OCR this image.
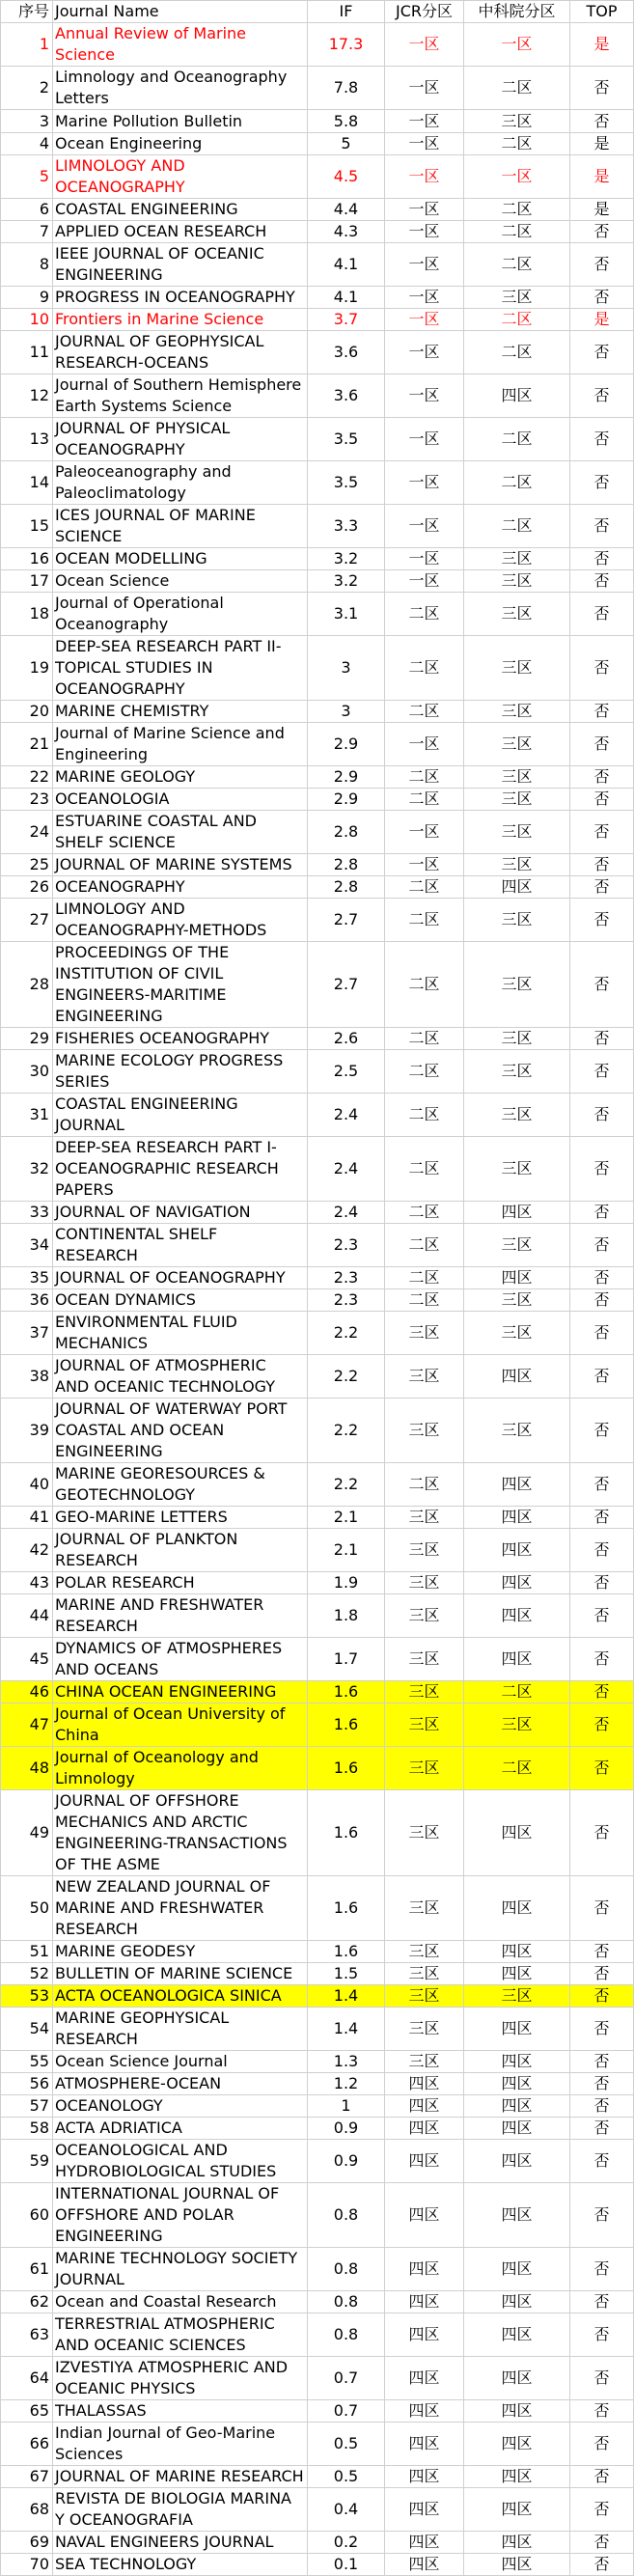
序号	Journal Name	IF	JCR分区	中科院分区	TOP
1	Annual Review of Marine Science	17.3	一区	一区	是
2	Limnology and Oceanography Letters	7.8	一区	二区	否
3	Marine Pollution Bulletin	5.8	一区	三区	否
4	Ocean Engineering	5	一区	二区	是
5	LIMNOLOGY AND OCEANOGRAPHY	4.5	一区	一区	是
6	COASTAL ENGINEERING	4.4	一区	二区	是
7	APPLIED OCEAN RESEARCH	4.3	一区	二区	否
8	IEEE JOURNAL OF OCEANIC ENGINEERING	4.1	一区	二区	否
9	PROGRESS IN OCEANOGRAPHY	4.1	一区	三区	否
10	Frontiers in Marine Science	3.7	一区	二区	是
11	JOURNAL OF GEOPHYSICAL RESEARCH-OCEANS	3.6	一区	二区	否
12	Journal of Southern Hemisphere Earth Systems Science	3.6	一区	四区	否
13	JOURNAL OF PHYSICAL OCEANOGRAPHY	3.5	一区	二区	否
14	Paleoceanography and Paleoclimatology	3.5	一区	二区	否
15	ICES JOURNAL OF MARINE SCIENCE	3.3	一区	二区	否
16	OCEAN MODELLING	3.2	一区	三区	否
17	Ocean Science	3.2	一区	三区	否
18	Journal of Operational Oceanography	3.1	二区	三区	否
19	DEEP-SEA RESEARCH PART II-TOPICAL STUDIES IN OCEANOGRAPHY	3	二区	三区	否
20	MARINE CHEMISTRY	3	二区	三区	否
21	Journal of Marine Science and Engineering	2.9	一区	三区	否
22	MARINE GEOLOGY	2.9	二区	三区	否
23	OCEANOLOGIA	2.9	二区	三区	否
24	ESTUARINE COASTAL AND SHELF SCIENCE	2.8	一区	三区	否
25	JOURNAL OF MARINE SYSTEMS	2.8	一区	三区	否
26	OCEANOGRAPHY	2.8	二区	四区	否
27	LIMNOLOGY AND OCEANOGRAPHY-METHODS	2.7	二区	三区	否
28	PROCEEDINGS OF THE INSTITUTION OF CIVIL ENGINEERS-MARITIME ENGINEERING	2.7	二区	三区	否
29	FISHERIES OCEANOGRAPHY	2.6	二区	三区	否
30	MARINE ECOLOGY PROGRESS SERIES	2.5	二区	三区	否
31	COASTAL ENGINEERING JOURNAL	2.4	二区	三区	否
32	DEEP-SEA RESEARCH PART I-OCEANOGRAPHIC RESEARCH PAPERS	2.4	二区	三区	否
33	JOURNAL OF NAVIGATION	2.4	二区	四区	否
34	CONTINENTAL SHELF RESEARCH	2.3	二区	三区	否
35	JOURNAL OF OCEANOGRAPHY	2.3	二区	四区	否
36	OCEAN DYNAMICS	2.3	二区	三区	否
37	ENVIRONMENTAL FLUID MECHANICS	2.2	三区	三区	否
38	JOURNAL OF ATMOSPHERIC AND OCEANIC TECHNOLOGY	2.2	三区	四区	否
39	JOURNAL OF WATERWAY PORT COASTAL AND OCEAN ENGINEERING	2.2	三区	三区	否
40	MARINE GEORESOURCES & GEOTECHNOLOGY	2.2	二区	四区	否
41	GEO-MARINE LETTERS	2.1	三区	四区	否
42	JOURNAL OF PLANKTON RESEARCH	2.1	三区	四区	否
43	POLAR RESEARCH	1.9	三区	四区	否
44	MARINE AND FRESHWATER RESEARCH	1.8	三区	四区	否
45	DYNAMICS OF ATMOSPHERES AND OCEANS	1.7	三区	四区	否
46	CHINA OCEAN ENGINEERING	1.6	三区	二区	否
47	Journal of Ocean University of China	1.6	三区	三区	否
48	Journal of Oceanology and Limnology	1.6	三区	二区	否
49	JOURNAL OF OFFSHORE MECHANICS AND ARCTIC ENGINEERING-TRANSACTIONS OF THE ASME	1.6	三区	四区	否
50	NEW ZEALAND JOURNAL OF MARINE AND FRESHWATER RESEARCH	1.6	三区	四区	否
51	MARINE GEODESY	1.6	三区	四区	否
52	BULLETIN OF MARINE SCIENCE	1.5	三区	四区	否
53	ACTA OCEANOLOGICA SINICA	1.4	三区	三区	否
54	MARINE GEOPHYSICAL RESEARCH	1.4	三区	四区	否
55	Ocean Science Journal	1.3	三区	四区	否
56	ATMOSPHERE-OCEAN	1.2	四区	四区	否
57	OCEANOLOGY	1	四区	四区	否
58	ACTA ADRIATICA	0.9	四区	四区	否
59	OCEANOLOGICAL AND HYDROBIOLOGICAL STUDIES	0.9	四区	四区	否
60	INTERNATIONAL JOURNAL OF OFFSHORE AND POLAR ENGINEERING	0.8	四区	四区	否
61	MARINE TECHNOLOGY SOCIETY JOURNAL	0.8	四区	四区	否
62	Ocean and Coastal Research	0.8	四区	四区	否
63	TERRESTRIAL ATMOSPHERIC AND OCEANIC SCIENCES	0.8	四区	四区	否
64	IZVESTIYA ATMOSPHERIC AND OCEANIC PHYSICS	0.7	四区	四区	否
65	THALASSAS	0.7	四区	四区	否
66	Indian Journal of Geo-Marine Sciences	0.5	四区	四区	否
67	JOURNAL OF MARINE RESEARCH	0.5	四区	四区	否
68	REVISTA DE BIOLOGIA MARINA Y OCEANOGRAFIA	0.4	四区	四区	否
69	NAVAL ENGINEERS JOURNAL	0.2	四区	四区	否
70	SEA TECHNOLOGY	0.1	四区	四区	否
